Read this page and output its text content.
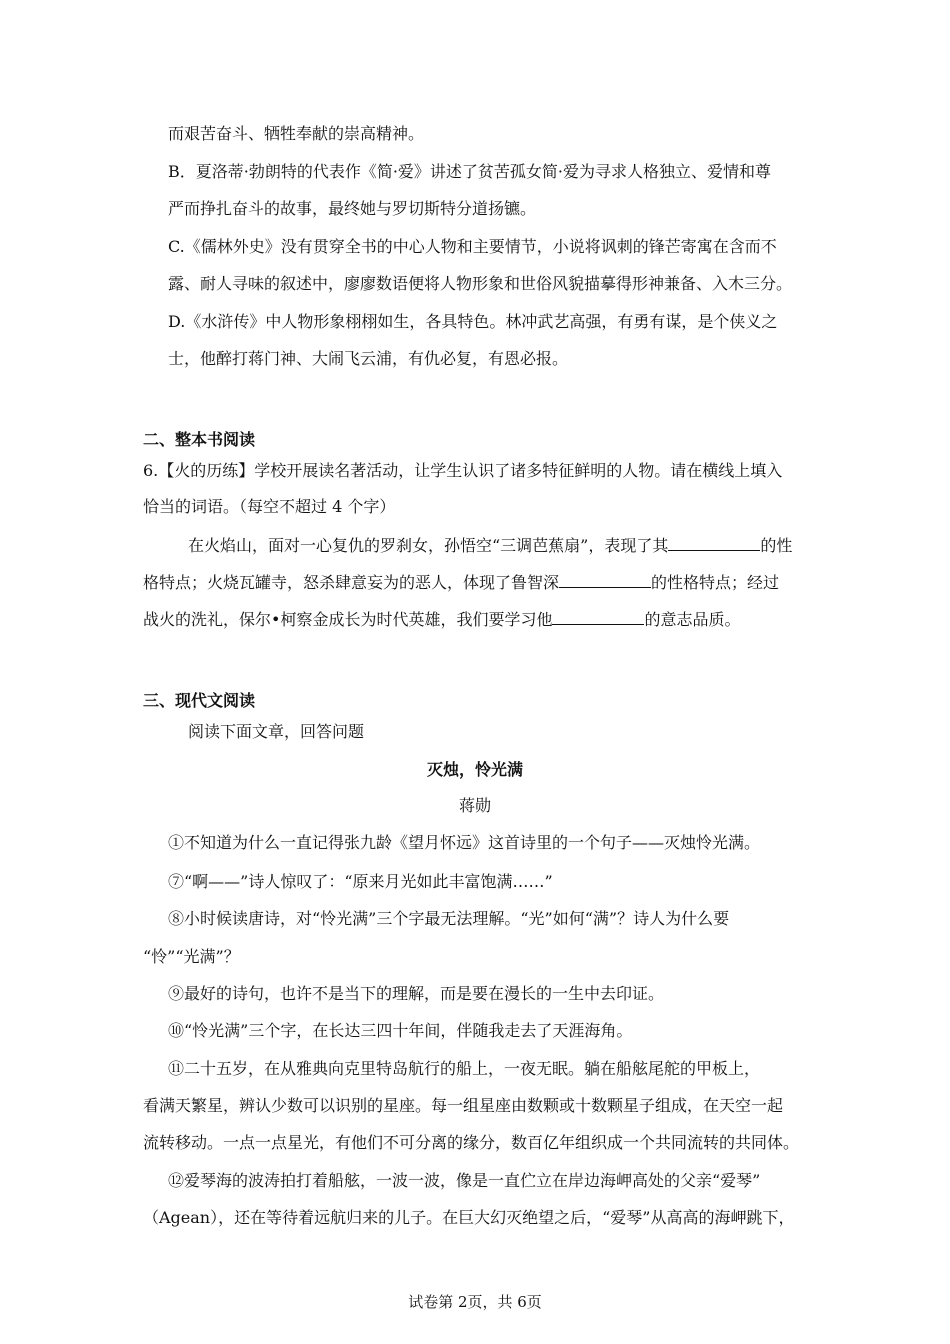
而艰苦奋斗、牺牲奉献的崇高精神。
B．夏洛蒂·勃朗特的代表作《简·爱》讲述了贫苦孤女简·爱为寻求人格独立、爱情和尊
严而挣扎奋斗的故事，最终她与罗切斯特分道扬镳。
C.《儒林外史》没有贯穿全书的中心人物和主要情节，小说将讽刺的锋芒寄寓在含而不
露、耐人寻味的叙述中，廖廖数语便将人物形象和世俗风貌描摹得形神兼备、入木三分。
D.《水浒传》中人物形象栩栩如生，各具特色。林冲武艺高强，有勇有谋，是个侠义之
士，他醉打蒋门神、大闹飞云浦，有仇必复，有恩必报。
二、整本书阅读
6.【火的历练】学校开展读名著活动，让学生认识了诸多特征鲜明的人物。请在横线上填入
恰当的词语。（每空不超过 4 个字）
在火焰山，面对一心复仇的罗刹女，孙悟空“三调芭蕉扇”，表现了其	的性
格特点；火烧瓦罐寺，怒杀肆意妄为的恶人，体现了鲁智深	的性格特点；经过
战火的洗礼，保尔•柯察金成长为时代英雄，我们要学习他	的意志品质。
三、现代文阅读
阅读下面文章，回答问题
灭烛，怜光满
蒋勋
①不知道为什么一直记得张九龄《望月怀远》这首诗里的一个句子——灭烛怜光满。
⑦“啊——”诗人惊叹了：“原来月光如此丰富饱满……”
⑧小时候读唐诗，对“怜光满”三个字最无法理解。“光”如何“满”？诗人为什么要
“怜”“光满”？
⑨最好的诗句，也许不是当下的理解，而是要在漫长的一生中去印证。
⑩“怜光满”三个字，在长达三四十年间，伴随我走去了天涯海角。
⑪二十五岁，在从雅典向克里特岛航行的船上，一夜无眠。躺在船舷尾舵的甲板上，
看满天繁星，辨认少数可以识别的星座。每一组星座由数颗或十数颗星子组成，在天空一起
流转移动。一点一点星光，有他们不可分离的缘分，数百亿年组织成一个共同流转的共同体。
⑫爱琴海的波涛拍打着船舷，一波一波，像是一直伫立在岸边海岬高处的父亲“爱琴”
（Agean），还在等待着远航归来的儿子。在巨大幻灭绝望之后，“爱琴”从高高的海岬跳下，
试卷第 2页，共 6页
